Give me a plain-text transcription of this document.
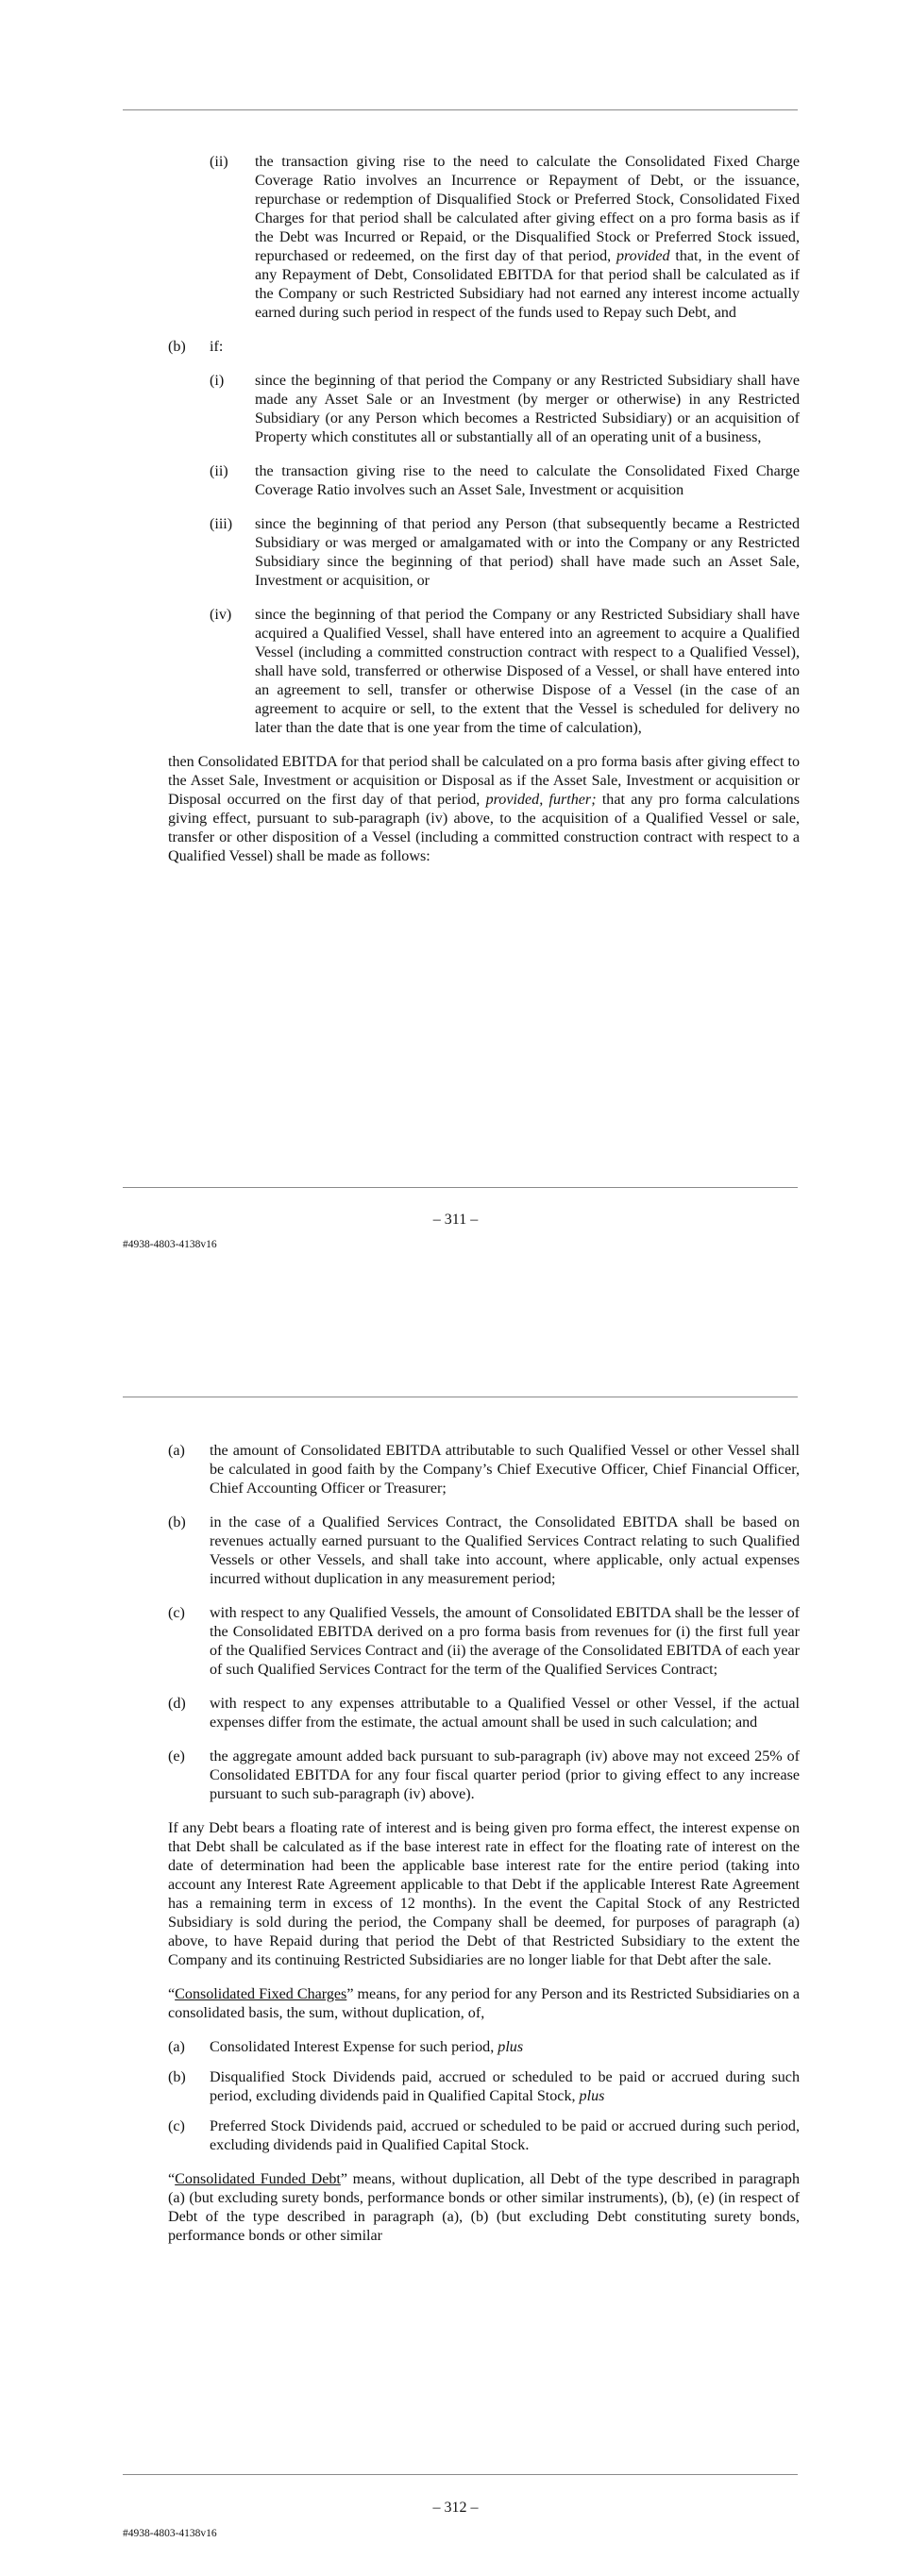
(ii) the transaction giving rise to the need to calculate the Consolidated Fixed Charge Coverage Ratio involves an Incurrence or Repayment of Debt, or the issuance, repurchase or redemption of Disqualified Stock or Preferred Stock, Consolidated Fixed Charges for that period shall be calculated after giving effect on a pro forma basis as if the Debt was Incurred or Repaid, or the Disqualified Stock or Preferred Stock issued, repurchased or redeemed, on the first day of that period, provided that, in the event of any Repayment of Debt, Consolidated EBITDA for that period shall be calculated as if the Company or such Restricted Subsidiary had not earned any interest income actually earned during such period in respect of the funds used to Repay such Debt, and
(b) if:
(i) since the beginning of that period the Company or any Restricted Subsidiary shall have made any Asset Sale or an Investment (by merger or otherwise) in any Restricted Subsidiary (or any Person which becomes a Restricted Subsidiary) or an acquisition of Property which constitutes all or substantially all of an operating unit of a business,
(ii) the transaction giving rise to the need to calculate the Consolidated Fixed Charge Coverage Ratio involves such an Asset Sale, Investment or acquisition
(iii) since the beginning of that period any Person (that subsequently became a Restricted Subsidiary or was merged or amalgamated with or into the Company or any Restricted Subsidiary since the beginning of that period) shall have made such an Asset Sale, Investment or acquisition, or
(iv) since the beginning of that period the Company or any Restricted Subsidiary shall have acquired a Qualified Vessel, shall have entered into an agreement to acquire a Qualified Vessel (including a committed construction contract with respect to a Qualified Vessel), shall have sold, transferred or otherwise Disposed of a Vessel, or shall have entered into an agreement to sell, transfer or otherwise Dispose of a Vessel (in the case of an agreement to acquire or sell, to the extent that the Vessel is scheduled for delivery no later than the date that is one year from the time of calculation),
then Consolidated EBITDA for that period shall be calculated on a pro forma basis after giving effect to the Asset Sale, Investment or acquisition or Disposal as if the Asset Sale, Investment or acquisition or Disposal occurred on the first day of that period, provided, further; that any pro forma calculations giving effect, pursuant to sub-paragraph (iv) above, to the acquisition of a Qualified Vessel or sale, transfer or other disposition of a Vessel (including a committed construction contract with respect to a Qualified Vessel) shall be made as follows:
– 311 –
#4938-4803-4138v16
(a) the amount of Consolidated EBITDA attributable to such Qualified Vessel or other Vessel shall be calculated in good faith by the Company’s Chief Executive Officer, Chief Financial Officer, Chief Accounting Officer or Treasurer;
(b) in the case of a Qualified Services Contract, the Consolidated EBITDA shall be based on revenues actually earned pursuant to the Qualified Services Contract relating to such Qualified Vessels or other Vessels, and shall take into account, where applicable, only actual expenses incurred without duplication in any measurement period;
(c) with respect to any Qualified Vessels, the amount of Consolidated EBITDA shall be the lesser of the Consolidated EBITDA derived on a pro forma basis from revenues for (i) the first full year of the Qualified Services Contract and (ii) the average of the Consolidated EBITDA of each year of such Qualified Services Contract for the term of the Qualified Services Contract;
(d) with respect to any expenses attributable to a Qualified Vessel or other Vessel, if the actual expenses differ from the estimate, the actual amount shall be used in such calculation; and
(e) the aggregate amount added back pursuant to sub-paragraph (iv) above may not exceed 25% of Consolidated EBITDA for any four fiscal quarter period (prior to giving effect to any increase pursuant to such sub-paragraph (iv) above).
If any Debt bears a floating rate of interest and is being given pro forma effect, the interest expense on that Debt shall be calculated as if the base interest rate in effect for the floating rate of interest on the date of determination had been the applicable base interest rate for the entire period (taking into account any Interest Rate Agreement applicable to that Debt if the applicable Interest Rate Agreement has a remaining term in excess of 12 months). In the event the Capital Stock of any Restricted Subsidiary is sold during the period, the Company shall be deemed, for purposes of paragraph (a) above, to have Repaid during that period the Debt of that Restricted Subsidiary to the extent the Company and its continuing Restricted Subsidiaries are no longer liable for that Debt after the sale.
“Consolidated Fixed Charges” means, for any period for any Person and its Restricted Subsidiaries on a consolidated basis, the sum, without duplication, of,
(a) Consolidated Interest Expense for such period, plus
(b) Disqualified Stock Dividends paid, accrued or scheduled to be paid or accrued during such period, excluding dividends paid in Qualified Capital Stock, plus
(c) Preferred Stock Dividends paid, accrued or scheduled to be paid or accrued during such period, excluding dividends paid in Qualified Capital Stock.
“Consolidated Funded Debt” means, without duplication, all Debt of the type described in paragraph (a) (but excluding surety bonds, performance bonds or other similar instruments), (b), (e) (in respect of Debt of the type described in paragraph (a), (b) (but excluding Debt constituting surety bonds, performance bonds or other similar
– 312 –
#4938-4803-4138v16
